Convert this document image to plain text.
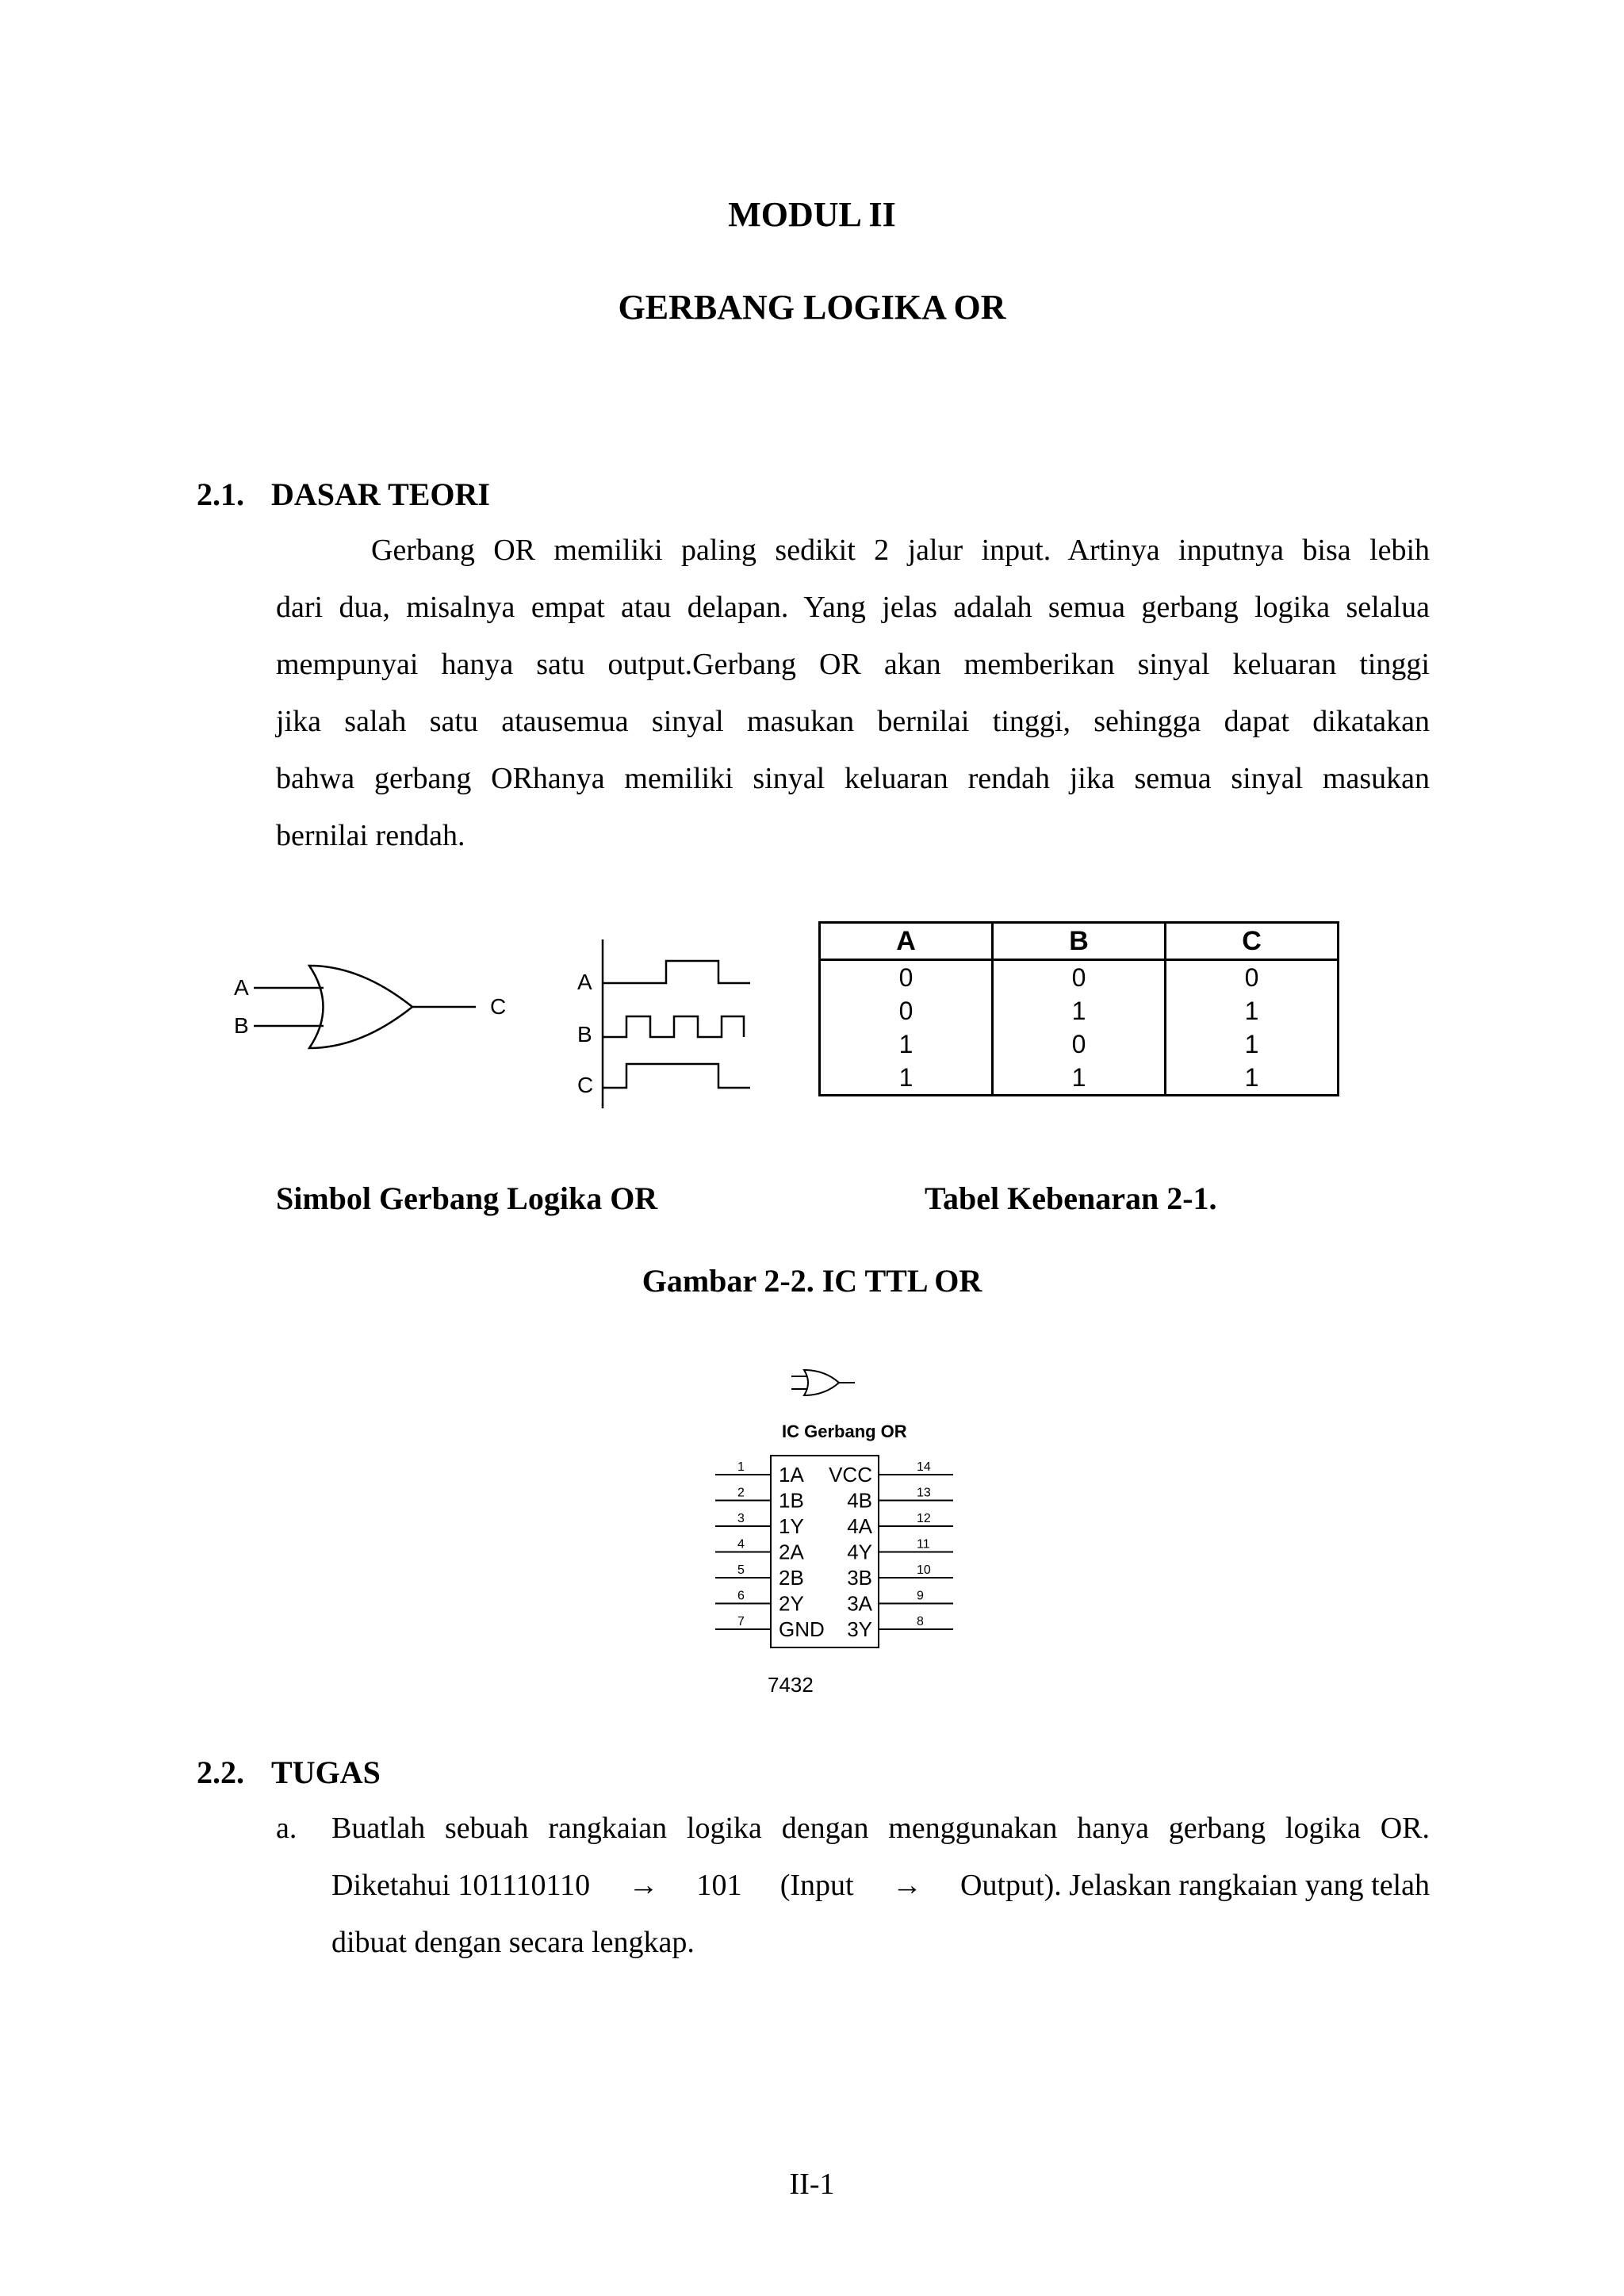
MODUL II
GERBANG LOGIKA OR
2.1. DASAR TEORI
Gerbang OR memiliki paling sedikit 2 jalur input. Artinya inputnya bisa lebih
dari dua, misalnya empat atau delapan. Yang jelas adalah semua gerbang logika selalua
mempunyai hanya satu output.Gerbang OR akan memberikan sinyal keluaran tinggi
jika salah satu atausemua sinyal masukan bernilai tinggi, sehingga dapat dikatakan
bahwa gerbang ORhanya memiliki sinyal keluaran rendah jika semua sinyal masukan
bernilai rendah.
A
B
C
A
B
C
A	B	C
0	0	0
0	1	1
1	0	1
1	1	1
Simbol Gerbang Logika OR	Tabel Kebenaran 2-1.
Gambar 2-2. IC TTL OR
IC Gerbang OR
1 1A
2 1B
3 1Y
4 2A
5 2B
6 2Y
7 GND
14
VCC
13
4B
12
4A
11
4Y
10
3B
9
3A
8
3Y
7432
2.2. TUGAS
a. Buatlah sebuah rangkaian logika dengan menggunakan hanya gerbang logika OR.
Diketahui 101110110 → 101 (Input → Output). Jelaskan rangkaian yang telah
dibuat dengan secara lengkap.
II-1
